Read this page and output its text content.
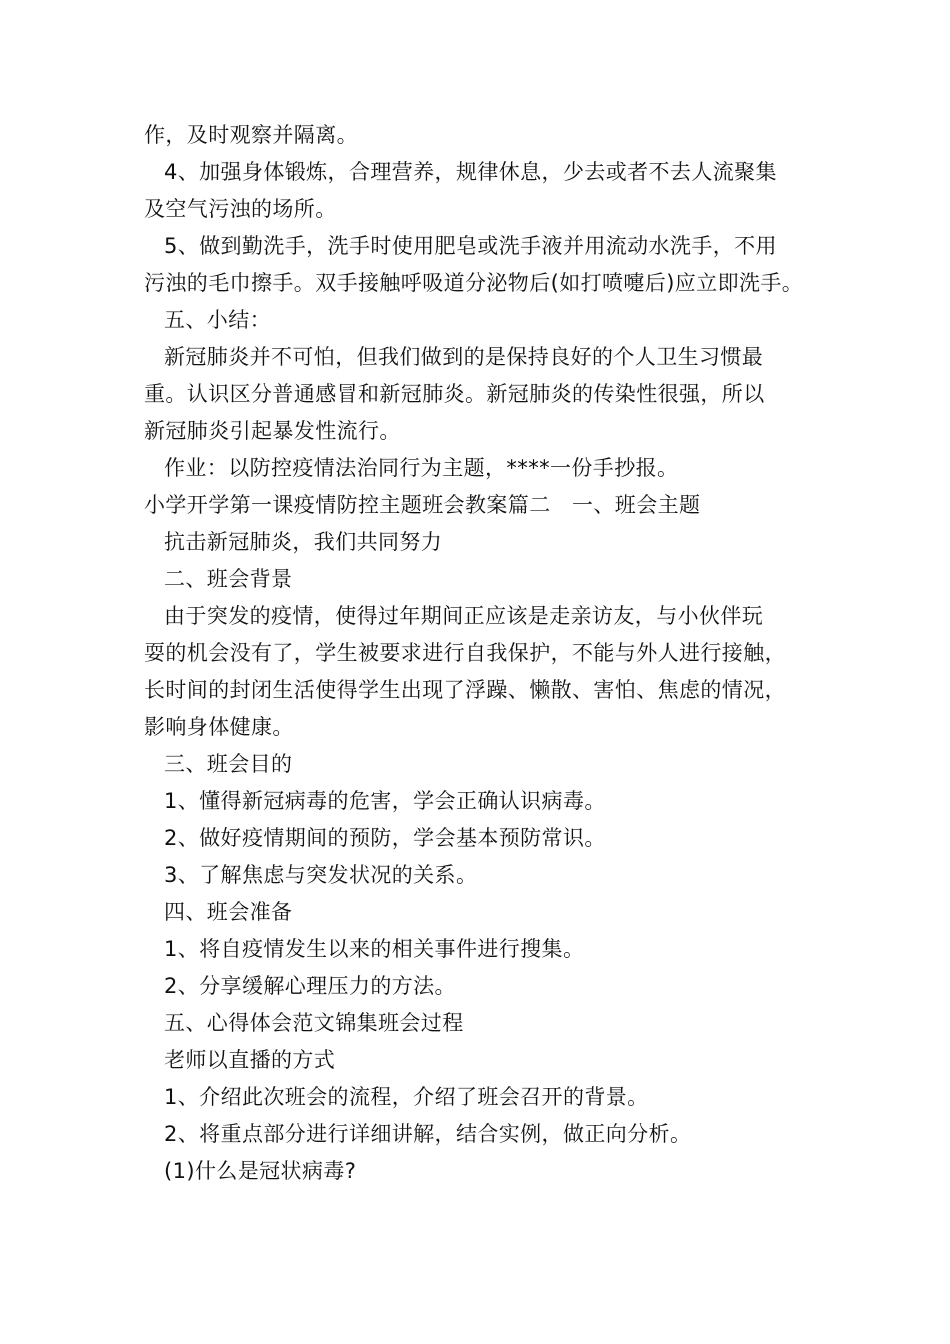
作，及时观察并隔离。
4、加强身体锻炼，合理营养，规律休息，少去或者不去人流聚集
及空气污浊的场所。
5、做到勤洗手，洗手时使用肥皂或洗手液并用流动水洗手，不用
污浊的毛巾擦手。双手接触呼吸道分泌物后(如打喷嚏后)应立即洗手。
五、小结：
新冠肺炎并不可怕，但我们做到的是保持良好的个人卫生习惯最
重。认识区分普通感冒和新冠肺炎。新冠肺炎的传染性很强，所以
新冠肺炎引起暴发性流行。
作业：以防控疫情法治同行为主题，****一份手抄报。
小学开学第一课疫情防控主题班会教案篇二　一、班会主题
抗击新冠肺炎，我们共同努力
二、班会背景
由于突发的疫情，使得过年期间正应该是走亲访友，与小伙伴玩
耍的机会没有了，学生被要求进行自我保护，不能与外人进行接触，
长时间的封闭生活使得学生出现了浮躁、懒散、害怕、焦虑的情况，
影响身体健康。
三、班会目的
1、懂得新冠病毒的危害，学会正确认识病毒。
2、做好疫情期间的预防，学会基本预防常识。
3、了解焦虑与突发状况的关系。
四、班会准备
1、将自疫情发生以来的相关事件进行搜集。
2、分享缓解心理压力的方法。
五、心得体会范文锦集班会过程
老师以直播的方式
1、介绍此次班会的流程，介绍了班会召开的背景。
2、将重点部分进行详细讲解，结合实例，做正向分析。
(1)什么是冠状病毒?
